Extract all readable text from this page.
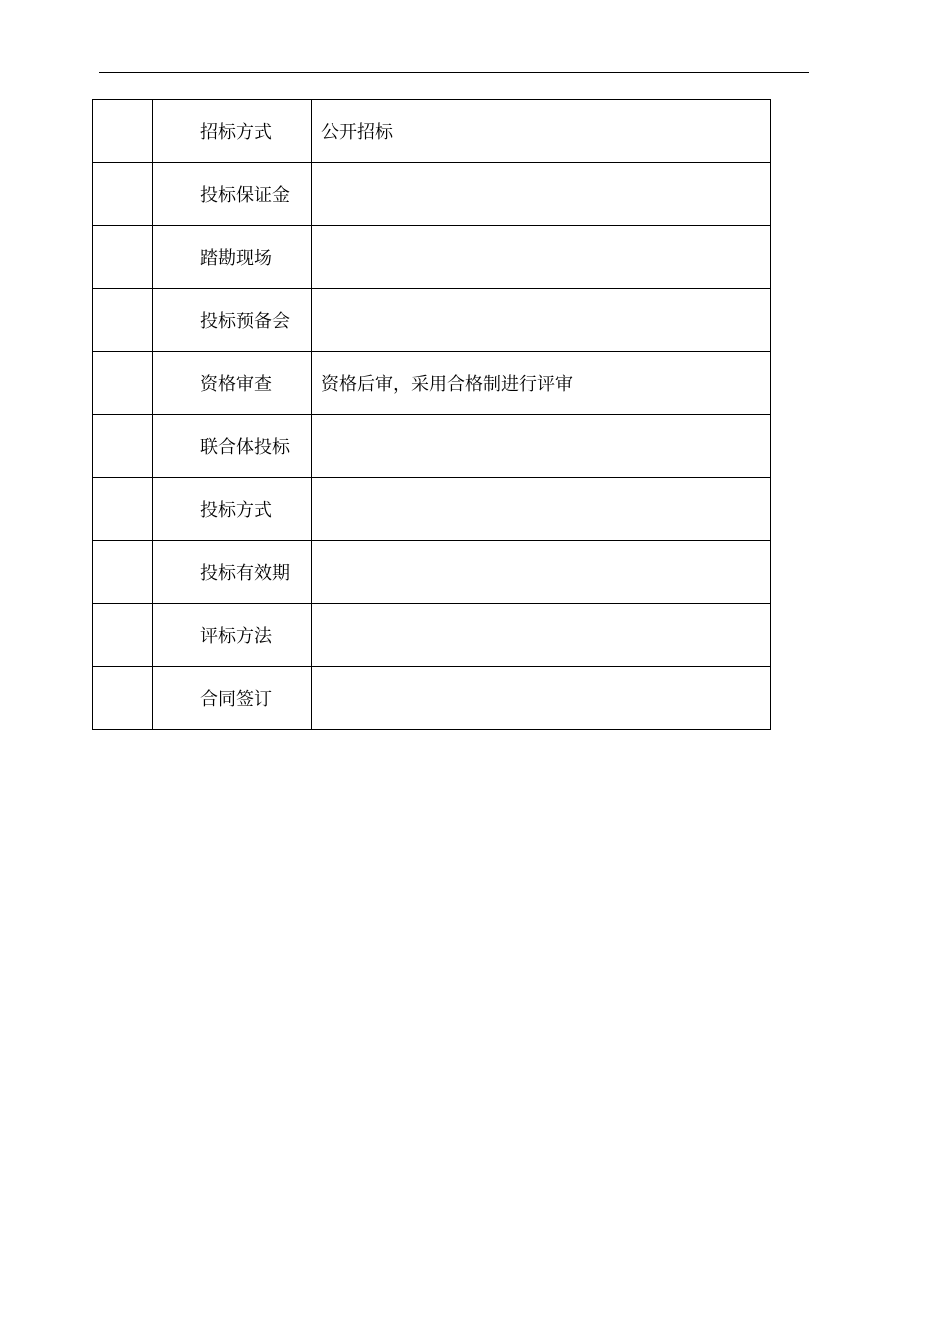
	招标方式	公开招标
	投标保证金	
	踏勘现场	
	投标预备会	
	资格审查	资格后审，采用合格制进行评审
	联合体投标	
	投标方式	
	投标有效期	
	评标方法	
	合同签订	
